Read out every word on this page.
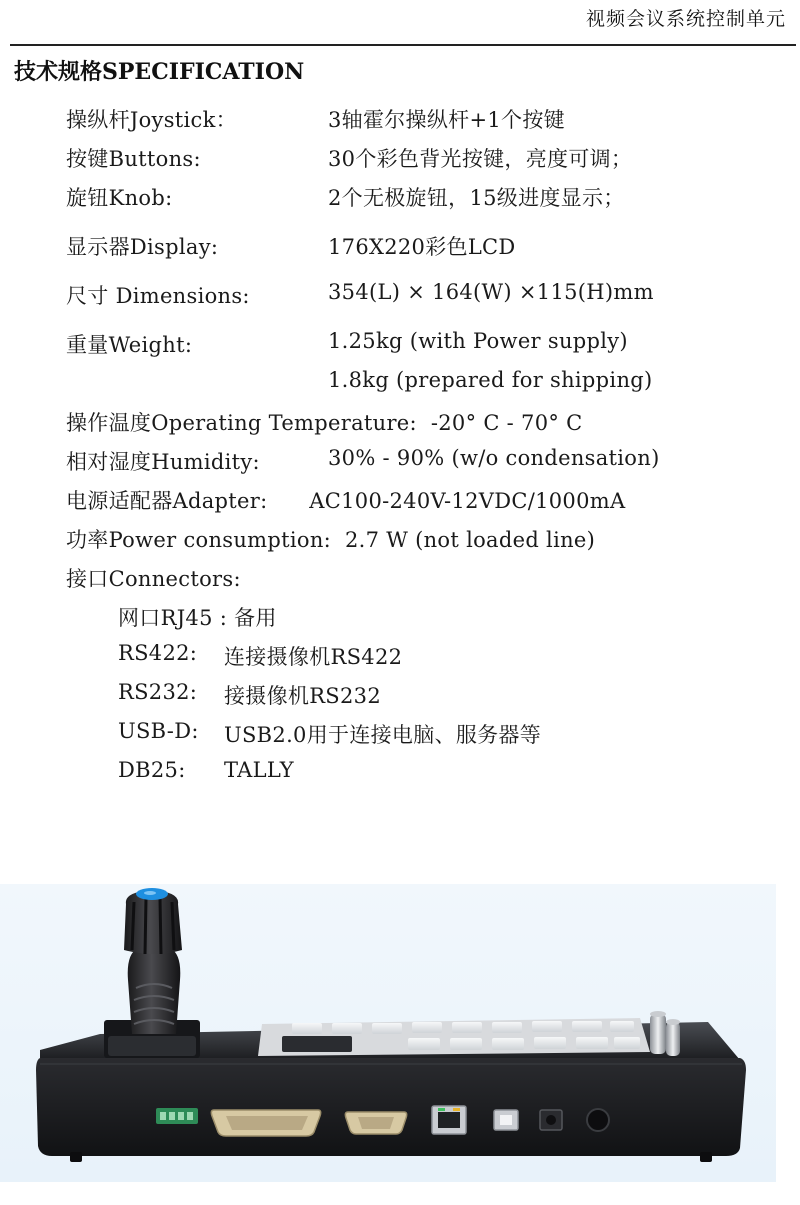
视频会议系统控制单元
技术规格SPECIFICATION
操纵杆Joystick：	3轴霍尔操纵杆+1个按键
按键Buttons:	30个彩色背光按键，亮度可调；
旋钮Knob:	2个无极旋钮，15级进度显示；
显示器Display:	176X220彩色LCD
尺寸 Dimensions:	354(L) × 164(W) ×115(H)mm
重量Weight:	1.25kg (with Power supply)
1.8kg (prepared for shipping)
操作温度Operating Temperature:  -20° C - 70° C
相对湿度Humidity:	30% - 90% (w/o condensation)
电源适配器Adapter:      AC100-240V-12VDC/1000mA
功率Power consumption:  2.7 W (not loaded line)
接口Connectors:
网口RJ45 : 备用
RS422: 连接摄像机RS422
RS232: 接摄像机RS232
USB-D: USB2.0用于连接电脑、服务器等
DB25: TALLY
